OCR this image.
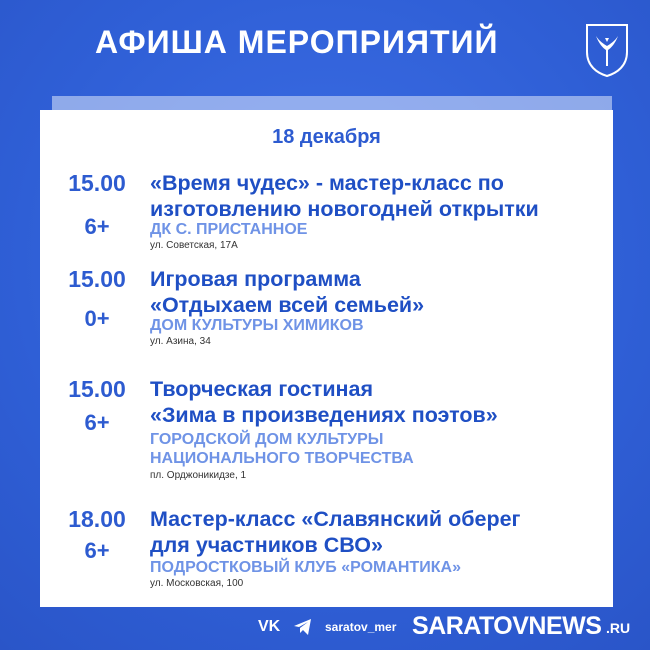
АФИША МЕРОПРИЯТИЙ
18 декабря
15.00
6+
«Время чудес» - мастер-класс по
изготовлению новогодней открытки
ДК С. ПРИСТАННОЕ
ул. Советская, 17А
15.00
0+
Игровая программа
«Отдыхаем всей семьей»
ДОМ КУЛЬТУРЫ ХИМИКОВ
ул. Азина, 34
15.00
6+
Творческая гостиная
«Зима в произведениях поэтов»
ГОРОДСКОЙ ДОМ КУЛЬТУРЫ
НАЦИОНАЛЬНОГО ТВОРЧЕСТВА
пл. Орджоникидзе, 1
18.00
6+
Мастер-класс «Славянский оберег
для участников СВО»
ПОДРОСТКОВЫЙ КЛУБ «РОМАНТИКА»
ул. Московская, 100
VK	saratov_mer SARATOVNEWS .RU
